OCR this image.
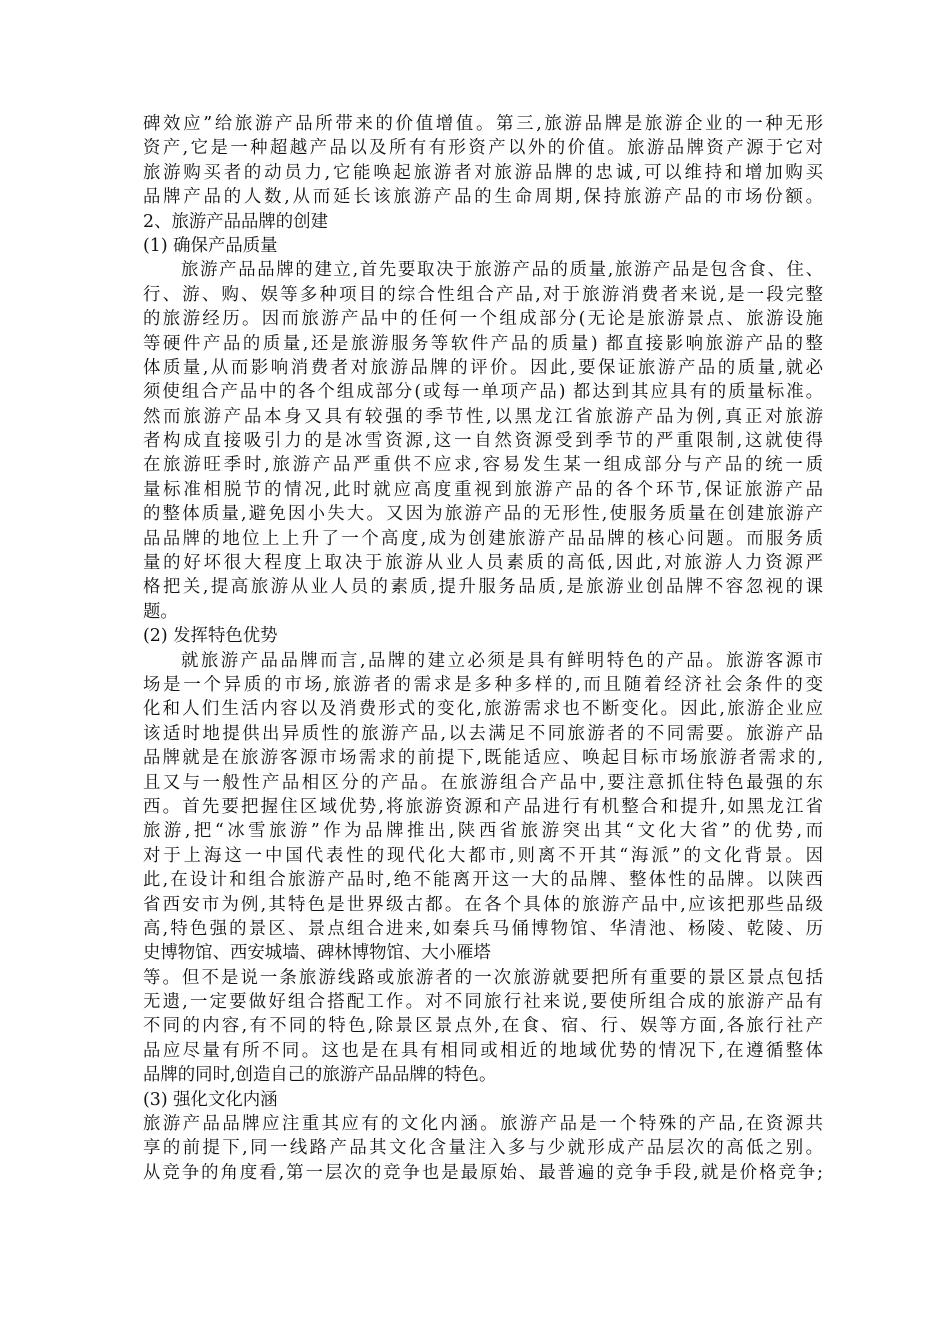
碑效应”给旅游产品所带来的价值增值。第三,旅游品牌是旅游企业的一种无形
资产,它是一种超越产品以及所有有形资产以外的价值。旅游品牌资产源于它对
旅游购买者的动员力,它能唤起旅游者对旅游品牌的忠诚,可以维持和增加购买
品牌产品的人数,从而延长该旅游产品的生命周期,保持旅游产品的市场份额。
2、旅游产品品牌的创建
(1) 确保产品质量
旅游产品品牌的建立,首先要取决于旅游产品的质量,旅游产品是包含食、住、
行、游、购、娱等多种项目的综合性组合产品,对于旅游消费者来说,是一段完整
的旅游经历。因而旅游产品中的任何一个组成部分(无论是旅游景点、旅游设施
等硬件产品的质量,还是旅游服务等软件产品的质量) 都直接影响旅游产品的整
体质量,从而影响消费者对旅游品牌的评价。因此,要保证旅游产品的质量,就必
须使组合产品中的各个组成部分(或每一单项产品) 都达到其应具有的质量标准。
然而旅游产品本身又具有较强的季节性,以黑龙江省旅游产品为例,真正对旅游
者构成直接吸引力的是冰雪资源,这一自然资源受到季节的严重限制,这就使得
在旅游旺季时,旅游产品严重供不应求,容易发生某一组成部分与产品的统一质
量标准相脱节的情况,此时就应高度重视到旅游产品的各个环节,保证旅游产品
的整体质量,避免因小失大。又因为旅游产品的无形性,使服务质量在创建旅游产
品品牌的地位上上升了一个高度,成为创建旅游产品品牌的核心问题。而服务质
量的好坏很大程度上取决于旅游从业人员素质的高低,因此,对旅游人力资源严
格把关,提高旅游从业人员的素质,提升服务品质,是旅游业创品牌不容忽视的课
题。
(2) 发挥特色优势
就旅游产品品牌而言,品牌的建立必须是具有鲜明特色的产品。旅游客源市
场是一个异质的市场,旅游者的需求是多种多样的,而且随着经济社会条件的变
化和人们生活内容以及消费形式的变化,旅游需求也不断变化。因此,旅游企业应
该适时地提供出异质性的旅游产品,以去满足不同旅游者的不同需要。旅游产品
品牌就是在旅游客源市场需求的前提下,既能适应、唤起目标市场旅游者需求的,
且又与一般性产品相区分的产品。在旅游组合产品中,要注意抓住特色最强的东
西。首先要把握住区域优势,将旅游资源和产品进行有机整合和提升,如黑龙江省
旅游,把“冰雪旅游”作为品牌推出,陕西省旅游突出其“文化大省”的优势,而
对于上海这一中国代表性的现代化大都市,则离不开其“海派”的文化背景。因
此,在设计和组合旅游产品时,绝不能离开这一大的品牌、整体性的品牌。以陕西
省西安市为例,其特色是世界级古都。在各个具体的旅游产品中,应该把那些品级
高,特色强的景区、景点组合进来,如秦兵马俑博物馆、华清池、杨陵、乾陵、历
史博物馆、西安城墙、碑林博物馆、大小雁塔
等。但不是说一条旅游线路或旅游者的一次旅游就要把所有重要的景区景点包括
无遗,一定要做好组合搭配工作。对不同旅行社来说,要使所组合成的旅游产品有
不同的内容,有不同的特色,除景区景点外,在食、宿、行、娱等方面,各旅行社产
品应尽量有所不同。这也是在具有相同或相近的地域优势的情况下,在遵循整体
品牌的同时,创造自己的旅游产品品牌的特色。
(3) 强化文化内涵
旅游产品品牌应注重其应有的文化内涵。旅游产品是一个特殊的产品,在资源共
享的前提下,同一线路产品其文化含量注入多与少就形成产品层次的高低之别。
从竞争的角度看,第一层次的竞争也是最原始、最普遍的竞争手段,就是价格竞争;
